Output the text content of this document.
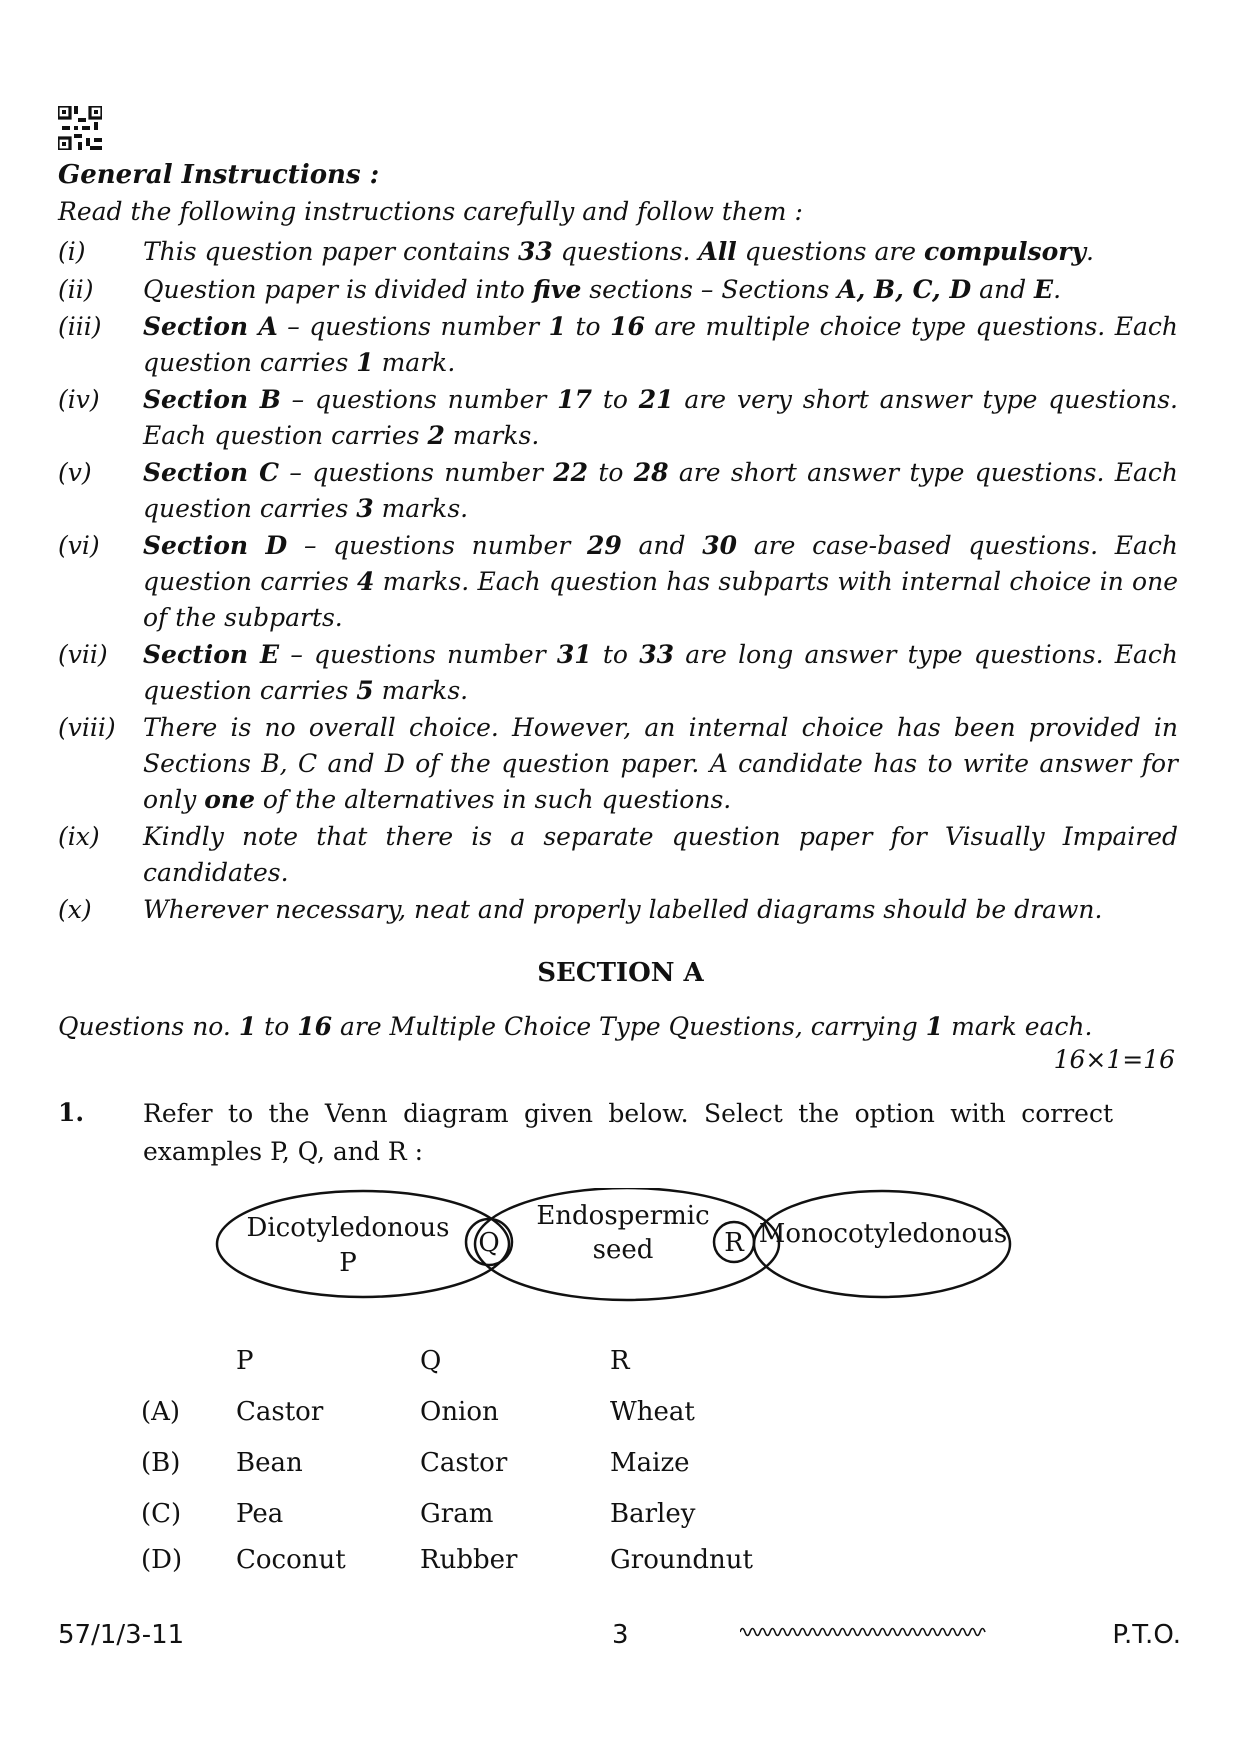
General Instructions :
Read the following instructions carefully and follow them :
(i)	This question paper contains 33 questions. All questions are compulsory.
(ii)	Question paper is divided into five sections – Sections A, B, C, D and E.
(iii)	Section A – questions number 1 to 16 are multiple choice type questions. Each question carries 1 mark.
(iv)	Section B – questions number 17 to 21 are very short answer type questions. Each question carries 2 marks.
(v)	Section C – questions number 22 to 28 are short answer type questions. Each question carries 3 marks.
(vi)	Section D – questions number 29 and 30 are case-based questions. Each question carries 4 marks. Each question has subparts with internal choice in one of the subparts.
(vii)	Section E – questions number 31 to 33 are long answer type questions. Each question carries 5 marks.
(viii)	There is no overall choice. However, an internal choice has been provided in Sections B, C and D of the question paper. A candidate has to write answer for only one of the alternatives in such questions.
(ix)	Kindly note that there is a separate question paper for Visually Impaired candidates.
(x)	Wherever necessary, neat and properly labelled diagrams should be drawn.
SECTION A
Questions no. 1 to 16 are Multiple Choice Type Questions, carrying 1 mark each.
16×1=16
1. Refer to the Venn diagram given below. Select the option with correct examples P, Q, and R :
Dicotyledonous
P
Endospermic
seed
Monocotyledonous
Q	R
P	Q	R
(A) Castor	Onion	Wheat
(B) Bean	Castor	Maize
(C) Pea	Gram	Barley
(D) Coconut	Rubber	Groundnut
57/1/3-11	3	P.T.O.
